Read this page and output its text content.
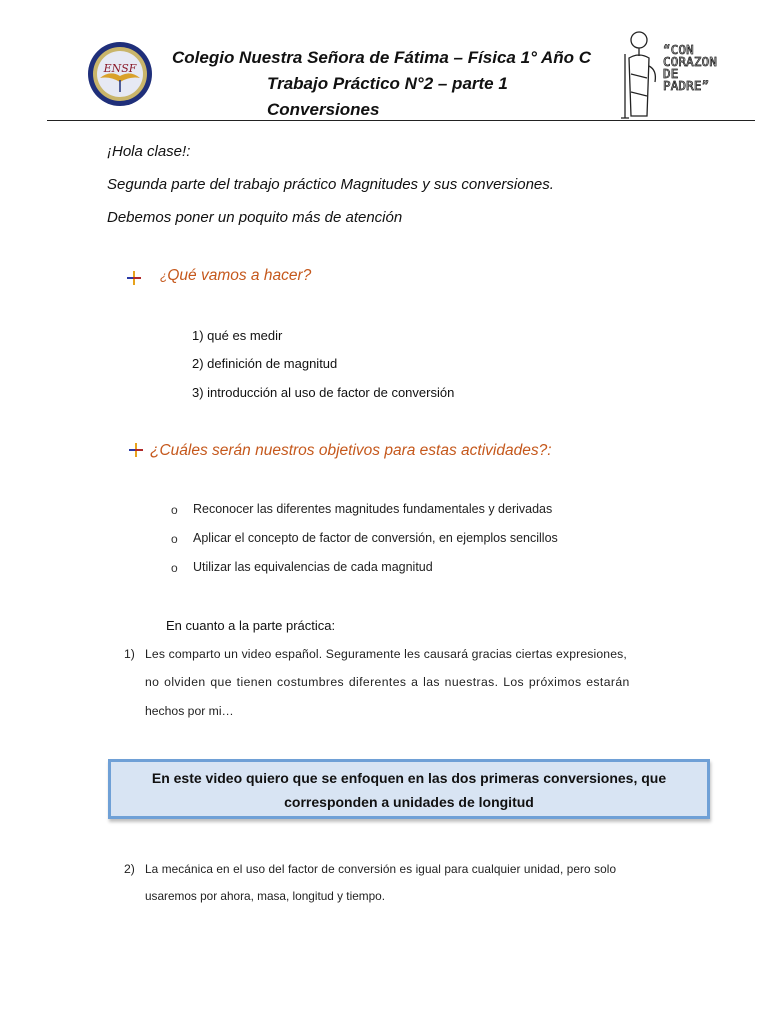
ENSF
Colegio Nuestra Señora de Fátima – Física 1° Año C
Trabajo Práctico N°2 – parte 1
Conversiones
“CON
CORAZON
DE
PADRE”
¡Hola clase!:
Segunda parte del trabajo práctico Magnitudes y sus conversiones.
Debemos poner un poquito más de atención
¿Qué vamos a hacer?
1) qué es medir
2) definición de magnitud
3) introducción al uso de factor de conversión
¿Cuáles serán nuestros objetivos para estas actividades?:
o Reconocer las diferentes magnitudes fundamentales y derivadas
o Aplicar el concepto de factor de conversión, en ejemplos sencillos
o Utilizar las equivalencias de cada magnitud
En cuanto a la parte práctica:
1) Les comparto un video español. Seguramente les causará gracias ciertas expresiones,
no olviden que tienen costumbres diferentes a las nuestras. Los próximos estarán
hechos por mi…
En este video quiero que se enfoquen en las dos primeras conversiones, que
corresponden a unidades de longitud
2) La mecánica en el uso del factor de conversión es igual para cualquier unidad, pero solo
usaremos por ahora, masa, longitud y tiempo.
